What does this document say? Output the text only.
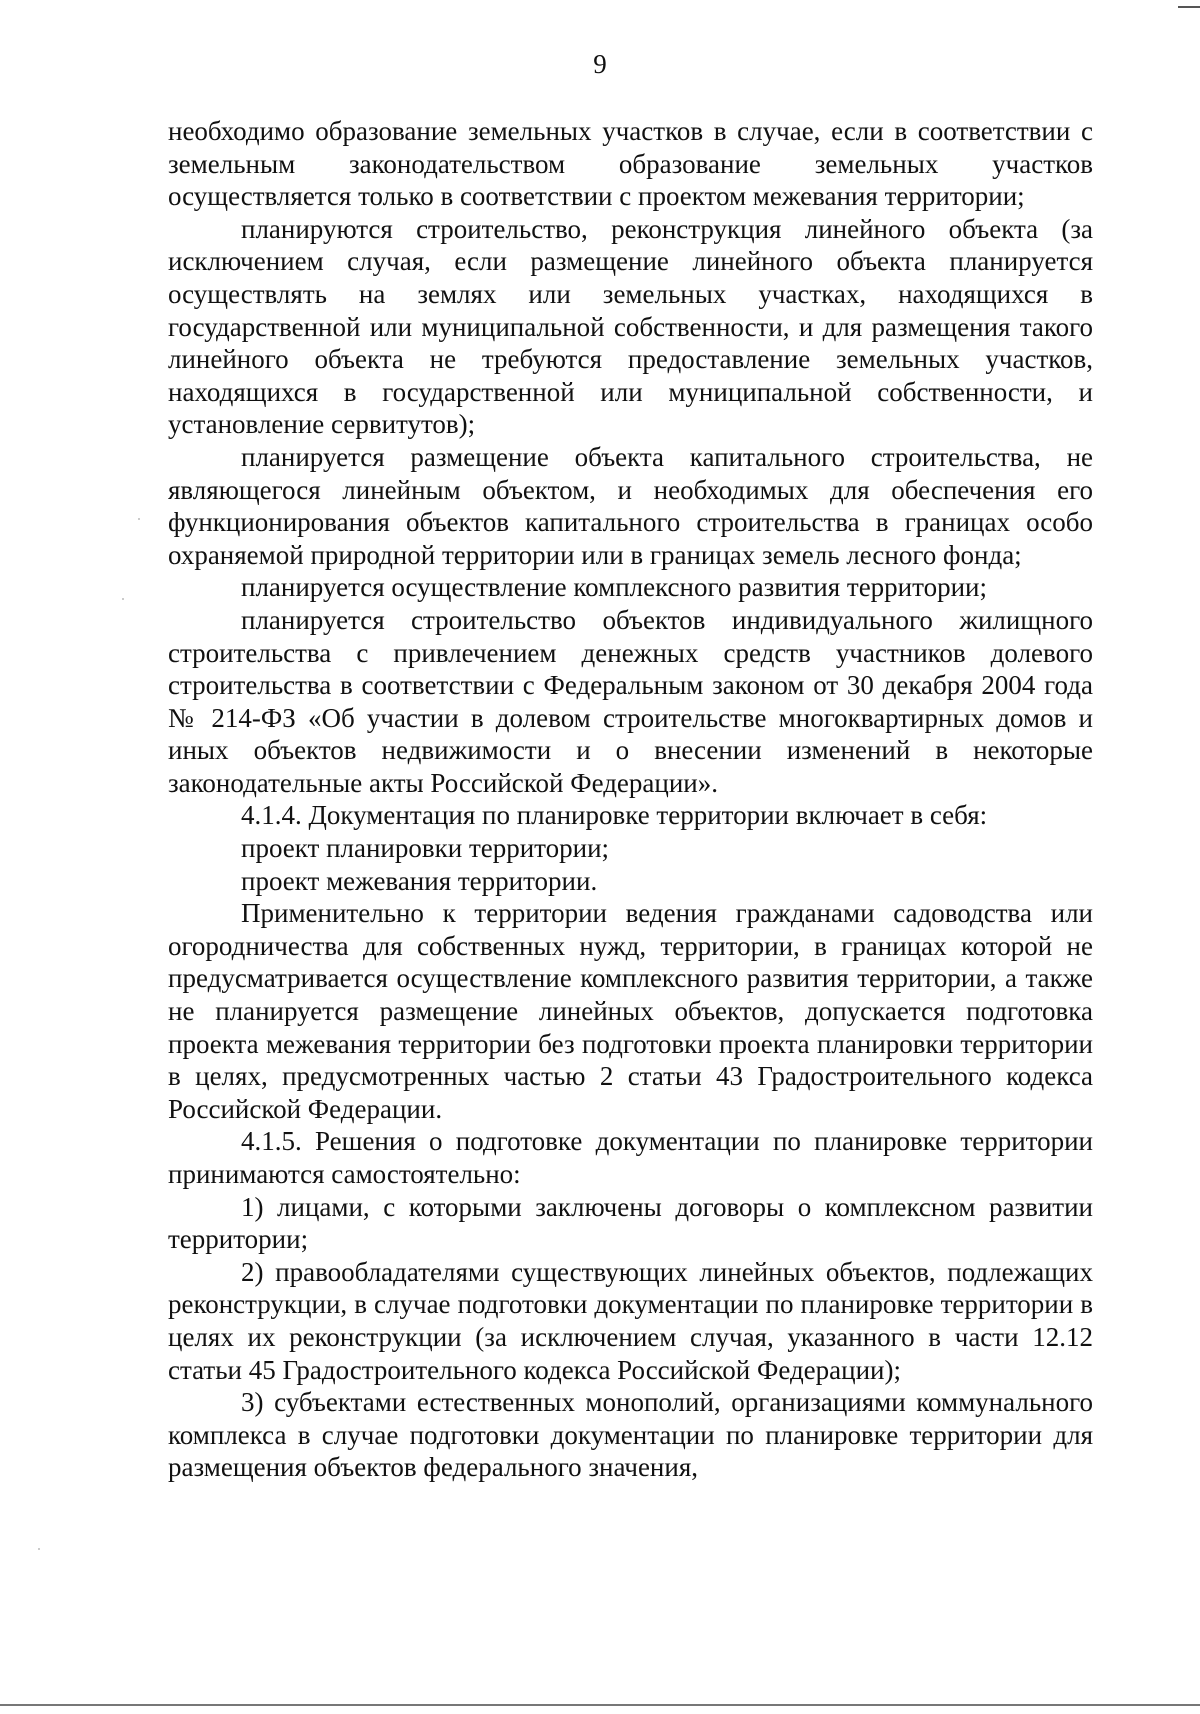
9

необходимо образование земельных участков в случае, если в соответствии с земельным законодательством образование земельных участков осуществляется только в соответствии с проектом межевания территории;

планируются строительство, реконструкция линейного объекта (за исключением случая, если размещение линейного объекта планируется осуществлять на землях или земельных участках, находящихся в государственной или муниципальной собственности, и для размещения такого линейного объекта не требуются предоставление земельных участков, находящихся в государственной или муниципальной собственности, и установление сервитутов);

планируется размещение объекта капитального строительства, не являющегося линейным объектом, и необходимых для обеспечения его функционирования объектов капитального строительства в границах особо охраняемой природной территории или в границах земель лесного фонда;

планируется осуществление комплексного развития территории;

планируется строительство объектов индивидуального жилищного строительства с привлечением денежных средств участников долевого строительства в соответствии с Федеральным законом от 30 декабря 2004 года № 214-ФЗ «Об участии в долевом строительстве многоквартирных домов и иных объектов недвижимости и о внесении изменений в некоторые законодательные акты Российской Федерации».

4.1.4. Документация по планировке территории включает в себя:

проект планировки территории;

проект межевания территории.

Применительно к территории ведения гражданами садоводства или огородничества для собственных нужд, территории, в границах которой не предусматривается осуществление комплексного развития территории, а также не планируется размещение линейных объектов, допускается подготовка проекта межевания территории без подготовки проекта планировки территории в целях, предусмотренных частью 2 статьи 43 Градостроительного кодекса Российской Федерации.

4.1.5. Решения о подготовке документации по планировке территории принимаются самостоятельно:

1) лицами, с которыми заключены договоры о комплексном развитии территории;

2) правообладателями существующих линейных объектов, подлежащих реконструкции, в случае подготовки документации по планировке территории в целях их реконструкции (за исключением случая, указанного в части 12.12 статьи 45 Градостроительного кодекса Российской Федерации);

3) субъектами естественных монополий, организациями коммунального комплекса в случае подготовки документации по планировке территории для размещения объектов федерального значения,
